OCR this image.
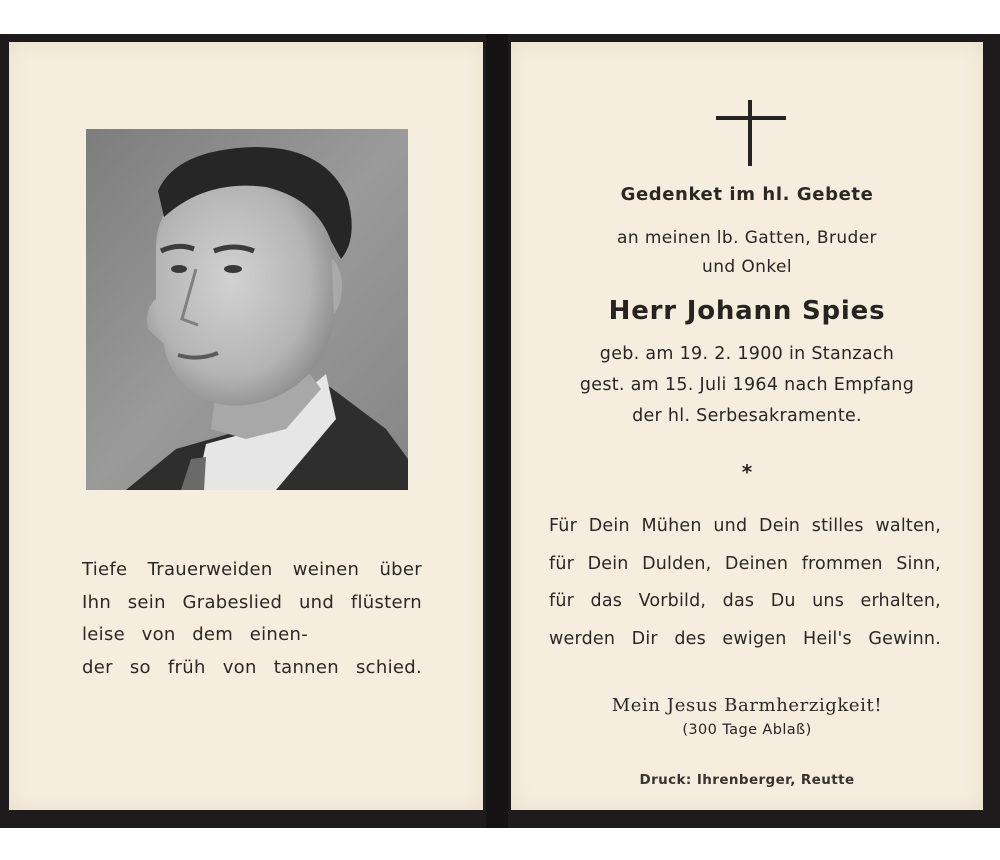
Tiefe Trauerweiden weinen über
Ihn sein Grabeslied und flüstern
leise von dem einen-
der so früh von tannen schied.
Gedenket im hl. Gebete
an meinen lb. Gatten, Bruder
und Onkel
Herr Johann Spies
geb. am 19. 2. 1900 in Stanzach
gest. am 15. Juli 1964 nach Empfang
der hl. Serbesakramente.
*
Für Dein Mühen und Dein stilles walten,
für Dein Dulden, Deinen frommen Sinn,
für das Vorbild, das Du uns erhalten,
werden Dir des ewigen Heil's Gewinn.
Mein Jesus Barmherzigkeit!
(300 Tage Ablaß)
Druck: Ihrenberger, Reutte
